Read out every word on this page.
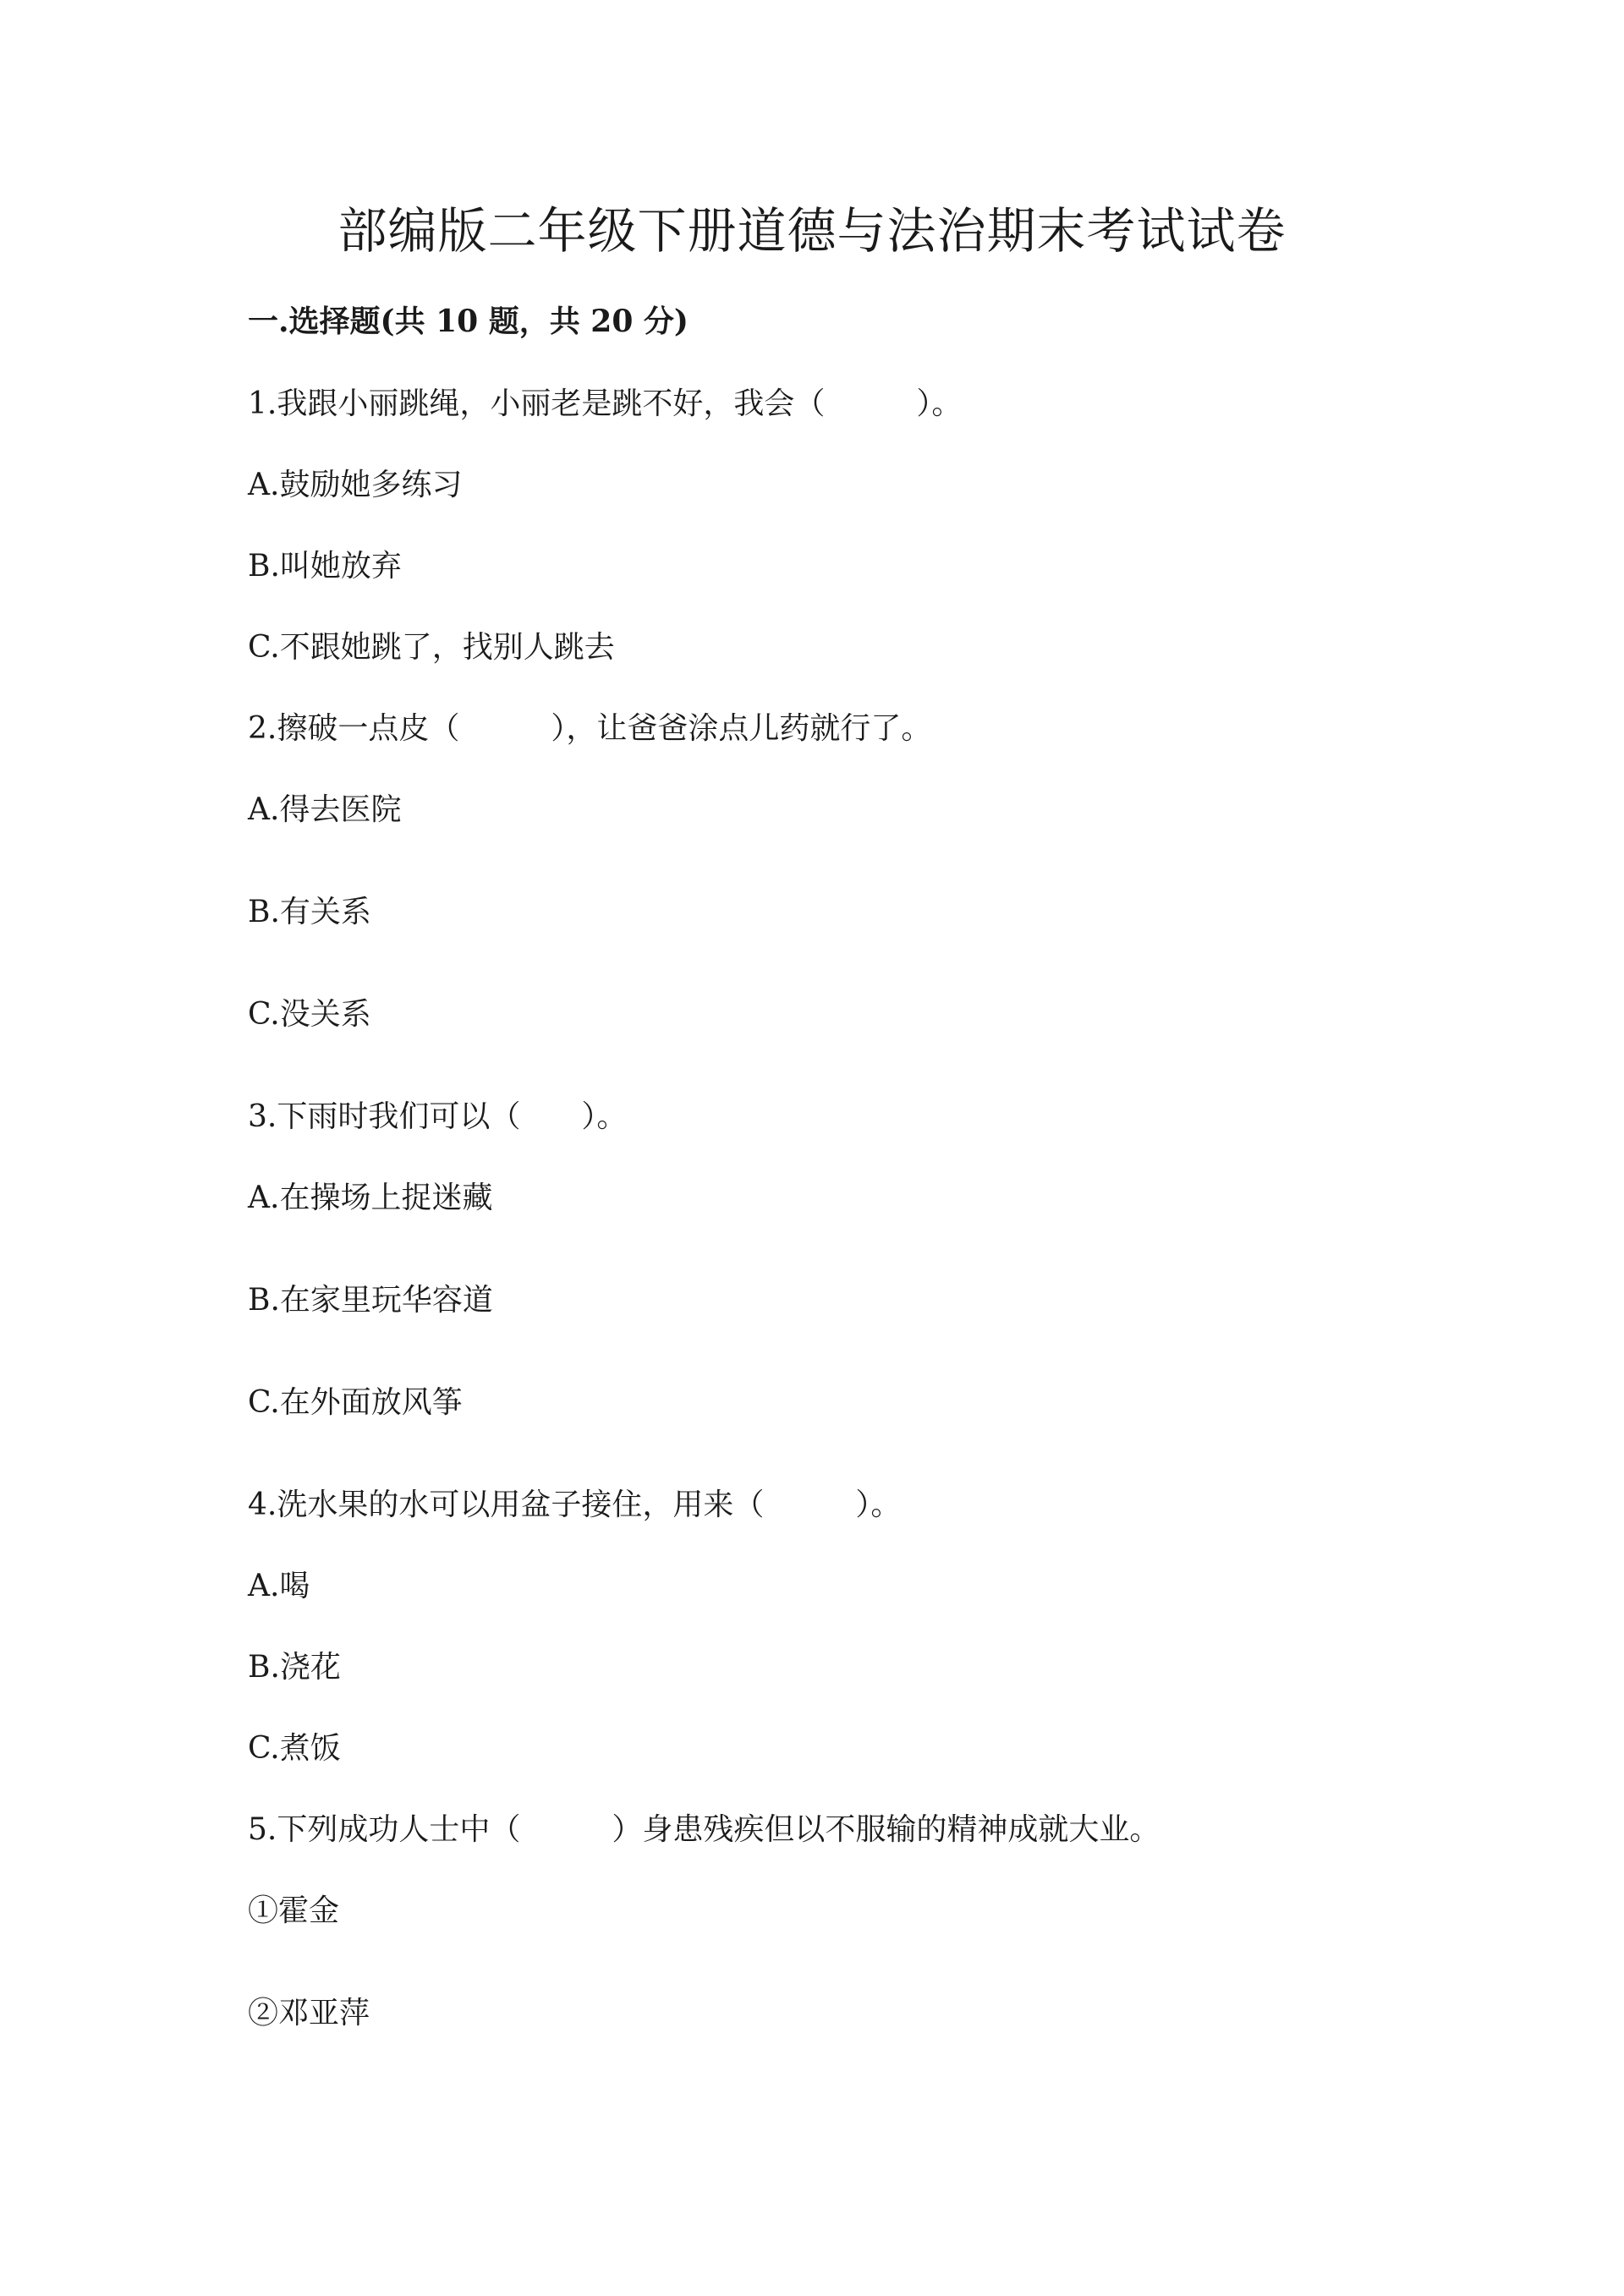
部编版二年级下册道德与法治期末考试试卷
一.选择题(共 10 题，共 20 分)
1.我跟小丽跳绳，小丽老是跳不好，我会（　　　）。
A.鼓励她多练习
B.叫她放弃
C.不跟她跳了，找别人跳去
2.擦破一点皮（　　　），让爸爸涂点儿药就行了。
A.得去医院
B.有关系
C.没关系
3.下雨时我们可以（　　）。
A.在操场上捉迷藏
B.在家里玩华容道
C.在外面放风筝
4.洗水果的水可以用盆子接住，用来（　　　）。
A.喝
B.浇花
C.煮饭
5.下列成功人士中（　　　）身患残疾但以不服输的精神成就大业。
①霍金
②邓亚萍
